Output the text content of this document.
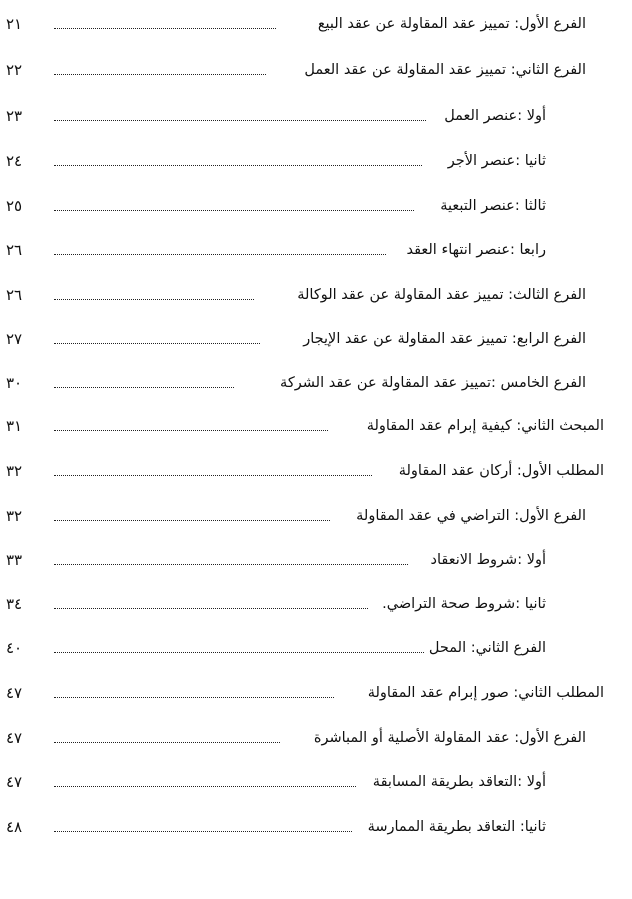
الفرع الأول: تمييز عقد المقاولة عن عقد البيع
٢١
الفرع الثاني: تمييز عقد المقاولة عن عقد العمل
٢٢
أولا :عنصر العمل
٢٣
ثانيا :عنصر الأجر
٢٤
ثالثا :عنصر التبعية
٢٥
رابعا :عنصر انتهاء العقد
٢٦
الفرع الثالث: تمييز عقد المقاولة عن عقد الوكالة
٢٦
الفرع الرابع: تمييز عقد المقاولة عن عقد الإيجار
٢٧
الفرع الخامس :تمييز عقد المقاولة عن عقد الشركة
٣٠
المبحث الثاني: كيفية إبرام عقد المقاولة
٣١
المطلب الأول: أركان عقد المقاولة
٣٢
الفرع الأول: التراضي في عقد المقاولة
٣٢
أولا :شروط الانعقاد
٣٣
ثانيا :شروط صحة التراضي.
٣٤
الفرع الثاني: المحل
٤٠
المطلب الثاني: صور إبرام عقد المقاولة
٤٧
الفرع الأول: عقد المقاولة الأصلية أو المباشرة
٤٧
أولا :التعاقد بطريقة المسابقة
٤٧
ثانيا: التعاقد بطريقة الممارسة
٤٨
